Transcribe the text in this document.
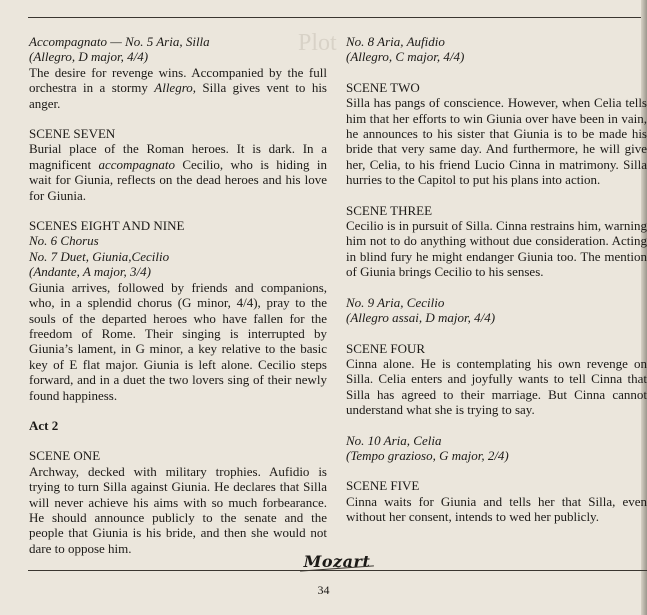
Plot

Accompagnato — No. 5 Aria, Silla

(Allegro, D major, 4/4)

The desire for revenge wins. Accompanied by the full orchestra in a stormy Allegro, Silla gives vent to his anger.

SCENE SEVEN

Burial place of the Roman heroes. It is dark. In a magnificent accompagnato Cecilio, who is hiding in wait for Giunia, reflects on the dead heroes and his love for Giunia.

SCENES EIGHT AND NINE

No. 6 Chorus

No. 7 Duet, Giunia,Cecilio

(Andante, A major, 3/4)

Giunia arrives, followed by friends and companions, who, in a splendid chorus (G minor, 4/4), pray to the souls of the departed heroes who have fallen for the freedom of Rome. Their singing is interrupted by Giunia’s lament, in G minor, a key relative to the basic key of E flat major. Giunia is left alone. Cecilio steps forward, and in a duet the two lovers sing of their newly found happiness.

Act 2

SCENE ONE

Archway, decked with military trophies. Aufidio is trying to turn Silla against Giunia. He declares that Silla will never achieve his aims with so much forbearance. He should announce publicly to the senate and the people that Giunia is his bride, and then she would not dare to oppose him.

No. 8 Aria, Aufidio

(Allegro, C major, 4/4)

SCENE TWO

Silla has pangs of conscience. However, when Celia tells him that her efforts to win Giunia over have been in vain, he announces to his sister that Giunia is to be made his bride that very same day. And furthermore, he will give her, Celia, to his friend Lucio Cinna in matrimony. Silla hurries to the Capitol to put his plans into action.

SCENE THREE

Cecilio is in pursuit of Silla. Cinna restrains him, warning him not to do anything without due consideration. Acting in blind fury he might endanger Giunia too. The mention of Giunia brings Cecilio to his senses.

No. 9 Aria, Cecilio

(Allegro assai, D major, 4/4)

SCENE FOUR

Cinna alone. He is contemplating his own revenge on Silla. Celia enters and joyfully wants to tell Cinna that Silla has agreed to their marriage. But Cinna cannot understand what she is trying to say.

No. 10 Aria, Celia

(Tempo grazioso, G major, 2/4)

SCENE FIVE

Cinna waits for Giunia and tells her that Silla, even without her consent, intends to wed her publicly.

Mozart
34
